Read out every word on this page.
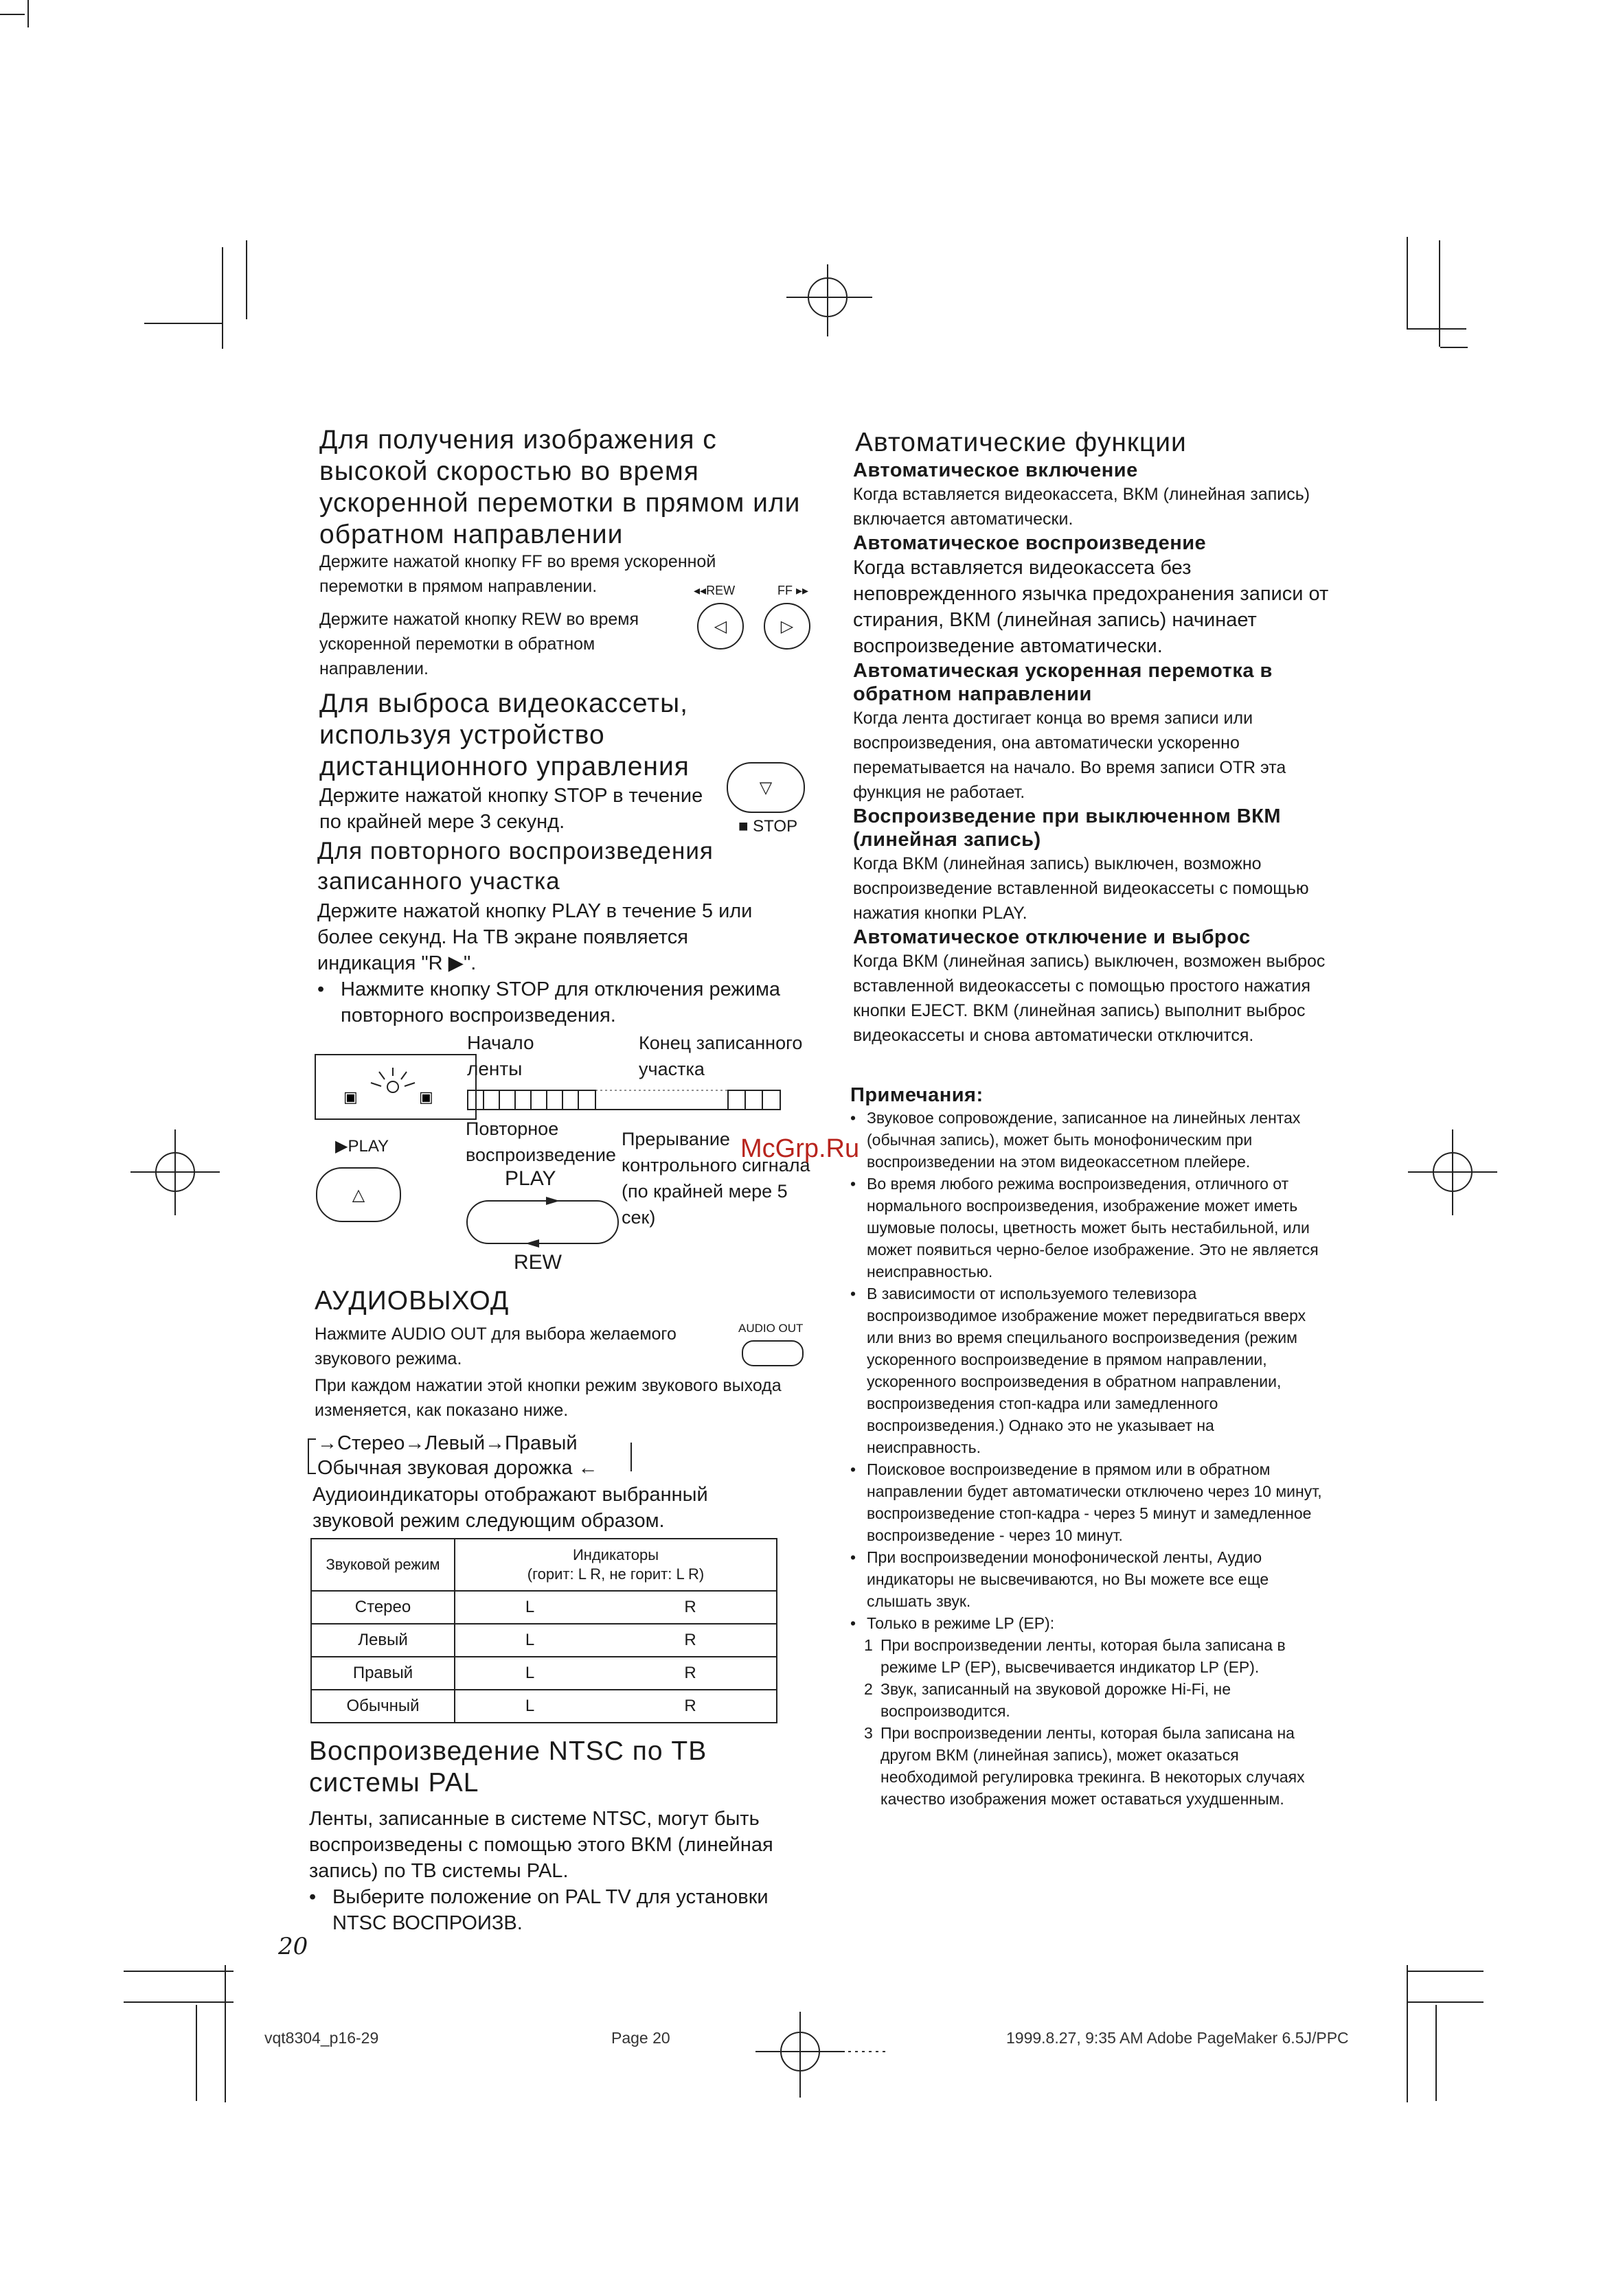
Для получения изображения с высокой скоростью во время ускоренной перемотки в прямом или обратном направлении

Держите нажатой кнопку FF во время ускоренной перемотки в прямом направлении.

Держите нажатой кнопку REW во время ускоренной перемотки в обратном направлении.

◂◂REW	FF ▸▸
◁	▷

Для выброса видеокассеты, используя устройство дистанционного управления

Держите нажатой кнопку STOP в течение по крайней мере 3 секунд.

▽
■ STOP

Для повторного воспроизведения записанного участка

Держите нажатой кнопку PLAY в течение 5 или более секунд. На ТВ экране появляется индикация "R ▶".

• Нажмите кнопку STOP для отключения режима повторного воспроизведения.

▣	▣
Начало ленты
Конец записанного участка
Повторное воспроизведение
Прерывание контрольного сигнала (по крайней мере 5 сек)
PLAY
REW
▶PLAY
△

АУДИОВЫХОД

Нажмите AUDIO OUT для выбора желаемого звукового режима.

AUDIO OUT

При каждом нажатии этой кнопки режим звукового выхода изменяется, как показано ниже.

→Стерео→Левый→Правый
Обычная звуковая дорожка ←

Аудиоиндикаторы отображают выбранный звуковой режим следующим образом.

Звуковой режим	Индикаторы
(горит: L R, не горит: L R)	

Стерео	L	R
Левый	L	R
Правый	L	R
Обычный	L	R

Воспроизведение NTSC по ТВ системы PAL

Ленты, записанные в системе NTSC, могут быть воспроизведены с помощью этого ВКМ (линейная запись) по ТВ системы PAL.

• Выберите положение on PAL TV для установки NTSC ВОСПРОИЗВ.

20

Автоматические функции

Автоматическое включение

Когда вставляется видеокассета, ВКМ (линейная запись) включается автоматически.

Автоматическое воспроизведение

Когда вставляется видеокассета без неповрежденного язычка предохранения записи от стирания, ВКМ (линейная запись) начинает воспроизведение автоматически.

Автоматическая ускоренная перемотка в обратном направлении

Когда лента достигает конца во время записи или воспроизведения, она автоматически ускоренно перематывается на начало. Во время записи OTR эта функция не работает.

Воспроизведение при выключенном ВКМ (линейная запись)

Когда ВКМ (линейная запись) выключен, возможно воспроизведение вставленной видеокассеты с помощью нажатия кнопки PLAY.

Автоматическое отключение и выброс

Когда ВКМ (линейная запись) выключен, возможен выброс вставленной видеокассеты с помощью простого нажатия кнопки EJECT. ВКМ (линейная запись) выполнит выброс видеокассеты и снова автоматически отключится.

Примечания:

• Звуковое сопровождение, записанное на линейных лентах (обычная запись), может быть монофоническим при воспроизведении на этом видеокассетном плейере.

• Во время любого режима воспроизведения, отличного от нормального воспроизведения, изображение может иметь шумовые полосы, цветность может быть нестабильной, или может появиться черно-белое изображение. Это не является неисправностью.

• В зависимости от используемого телевизора воспроизводимое изображение может передвигаться вверх или вниз во время специльаного воспроизведения (режим ускоренного воспроизведение в прямом направлении, ускоренного воспроизведения в обратном направлении, воспроизведения стоп-кадра или замедленного воспроизведения.) Однако это не указывает на неисправность.

• Поисковое воспроизведение в прямом или в обратном направлении будет автоматически отключено через 10 минут, воспроизведение стоп-кадра - через 5 минут и замедленное воспроизведение - через 10 минут.

• При воспроизведении монофонической ленты, Аудио индикаторы не высвечиваются, но Вы можете все еще слышать звук.

• Только в режиме LP (EP):

1 При воспроизведении ленты, которая была записана в режиме LP (EP), высвечивается индикатор LP (EP).

2 Звук, записанный на звуковой дорожке Hi-Fi, не воспроизводится.

3 При воспроизведении ленты, которая была записана на другом ВКМ (линейная запись), может оказаться необходимой регулировка трекинга. В некоторых случаях качество изображения может оставаться ухудшенным.

McGrp.Ru
vqt8304_p16-29	Page 20	1999.8.27, 9:35 AM Adobe PageMaker 6.5J/PPC
